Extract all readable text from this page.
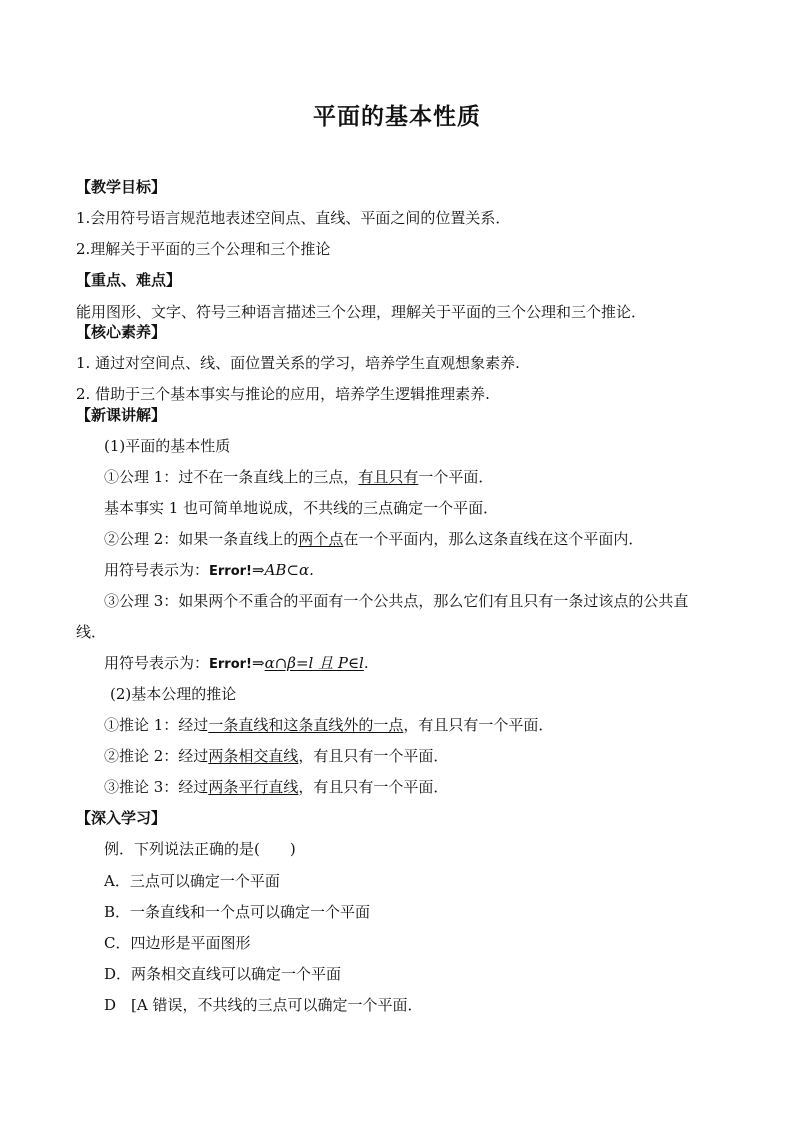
平面的基本性质
【教学目标】
1.会用符号语言规范地表述空间点、直线、平面之间的位置关系．
2.理解关于平面的三个公理和三个推论
【重点、难点】
能用图形、文字、符号三种语言描述三个公理，理解关于平面的三个公理和三个推论．
【核心素养】
1. 通过对空间点、线、面位置关系的学习，培养学生直观想象素养.
2. 借助于三个基本事实与推论的应用，培养学生逻辑推理素养.
【新课讲解】
(1)平面的基本性质
①公理 1：过不在一条直线上的三点，有且只有一个平面．
基本事实 1 也可简单地说成，不共线的三点确定一个平面．
②公理 2：如果一条直线上的两个点在一个平面内，那么这条直线在这个平面内．
用符号表示为：Error!⇒AB⊂α.
③公理 3：如果两个不重合的平面有一个公共点，那么它们有且只有一条过该点的公共直
线．
用符号表示为：Error!⇒α∩β=l 且 P∈l.
(2)基本公理的推论
①推论 1：经过一条直线和这条直线外的一点，有且只有一个平面．
②推论 2：经过两条相交直线，有且只有一个平面．
③推论 3：经过两条平行直线，有且只有一个平面．
【深入学习】
例．下列说法正确的是(　　)
A．三点可以确定一个平面
B．一条直线和一个点可以确定一个平面
C．四边形是平面图形
D．两条相交直线可以确定一个平面
D　[A 错误，不共线的三点可以确定一个平面．
